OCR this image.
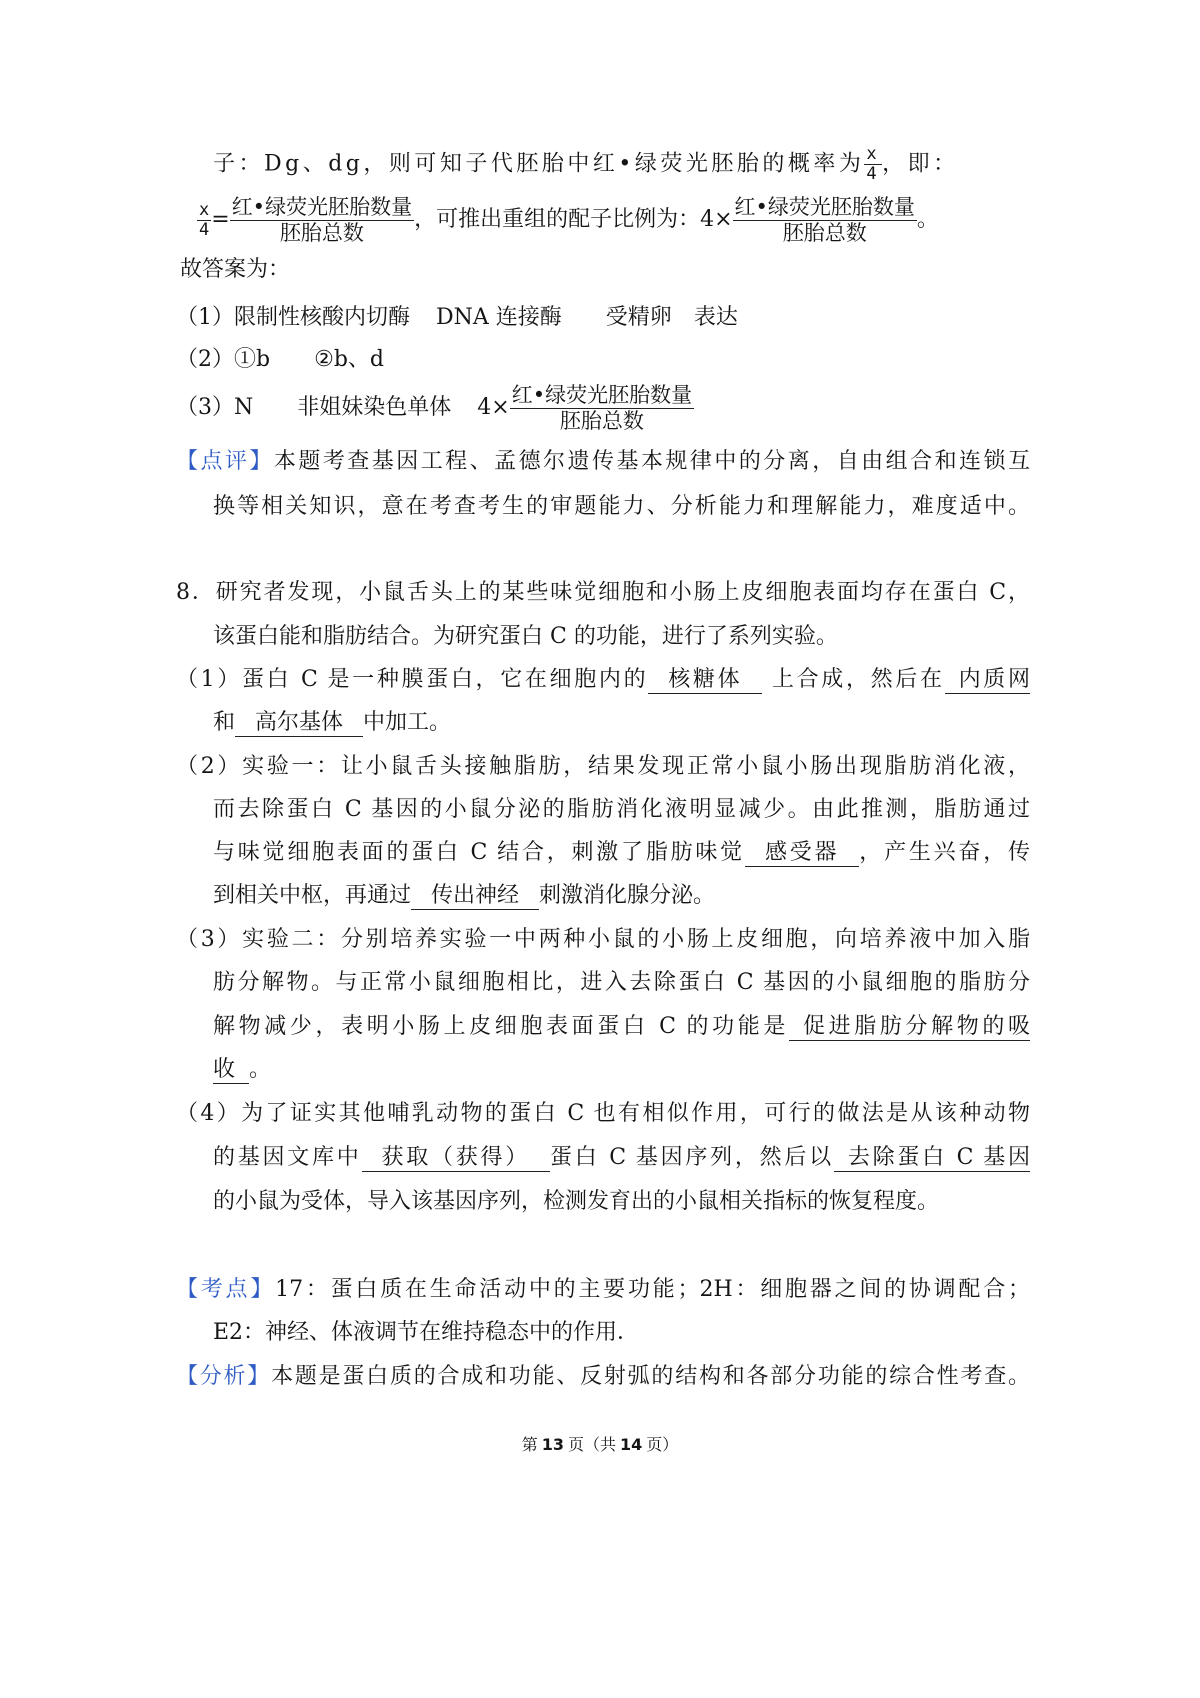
子：Dg、dg，则可知子代胚胎中红•绿荧光胚胎的概率为 $\frac{x}{4}$ ，即：
$\frac{x}{4} = \frac{\text{红•绿荧光胚胎数量}}{\text{胚胎总数}}$ ，可推出重组的配子比例为：$4\times \frac{\text{红•绿荧光胚胎数量}}{\text{胚胎总数}}$ 。
故答案为：
（1）限制性核酸内切酶 DNA 连接酶 受精卵 表达
（2）①b ②b、d
（3）N 非姐妹染色单体 $4\times \frac{\text{红•绿荧光胚胎数量}}{\text{胚胎总数}}$
【点评】本题考查基因工程、孟德尔遗传基本规律中的分离，自由组合和连锁互
换等相关知识，意在考查考生的审题能力、分析能力和理解能力，难度适中。
8．研究者发现，小鼠舌头上的某些味觉细胞和小肠上皮细胞表面均存在蛋白 C，
该蛋白能和脂肪结合。为研究蛋白 C 的功能，进行了系列实验。
（1）蛋白 C 是一种膜蛋白，它在细胞内的 核糖体 上合成，然后在 内质网
和 高尔基体 中加工。
（2）实验一：让小鼠舌头接触脂肪，结果发现正常小鼠小肠出现脂肪消化液，
而去除蛋白 C 基因的小鼠分泌的脂肪消化液明显减少。由此推测，脂肪通过
与味觉细胞表面的蛋白 C 结合，刺激了脂肪味觉 感受器 ，产生兴奋，传
到相关中枢，再通过 传出神经 刺激消化腺分泌。
（3）实验二：分别培养实验一中两种小鼠的小肠上皮细胞，向培养液中加入脂
肪分解物。与正常小鼠细胞相比，进入去除蛋白 C 基因的小鼠细胞的脂肪分
解物减少，表明小肠上皮细胞表面蛋白 C 的功能是 促进脂肪分解物的吸
收 。
（4）为了证实其他哺乳动物的蛋白 C 也有相似作用，可行的做法是从该种动物
的基因文库中 获取（获得） 蛋白 C 基因序列，然后以 去除蛋白 C 基因
的小鼠为受体，导入该基因序列，检测发育出的小鼠相关指标的恢复程度。
【考点】17：蛋白质在生命活动中的主要功能；2H：细胞器之间的协调配合；
E2：神经、体液调节在维持稳态中的作用．
【分析】本题是蛋白质的合成和功能、反射弧的结构和各部分功能的综合性考查。
第 13 页（共 14 页）
